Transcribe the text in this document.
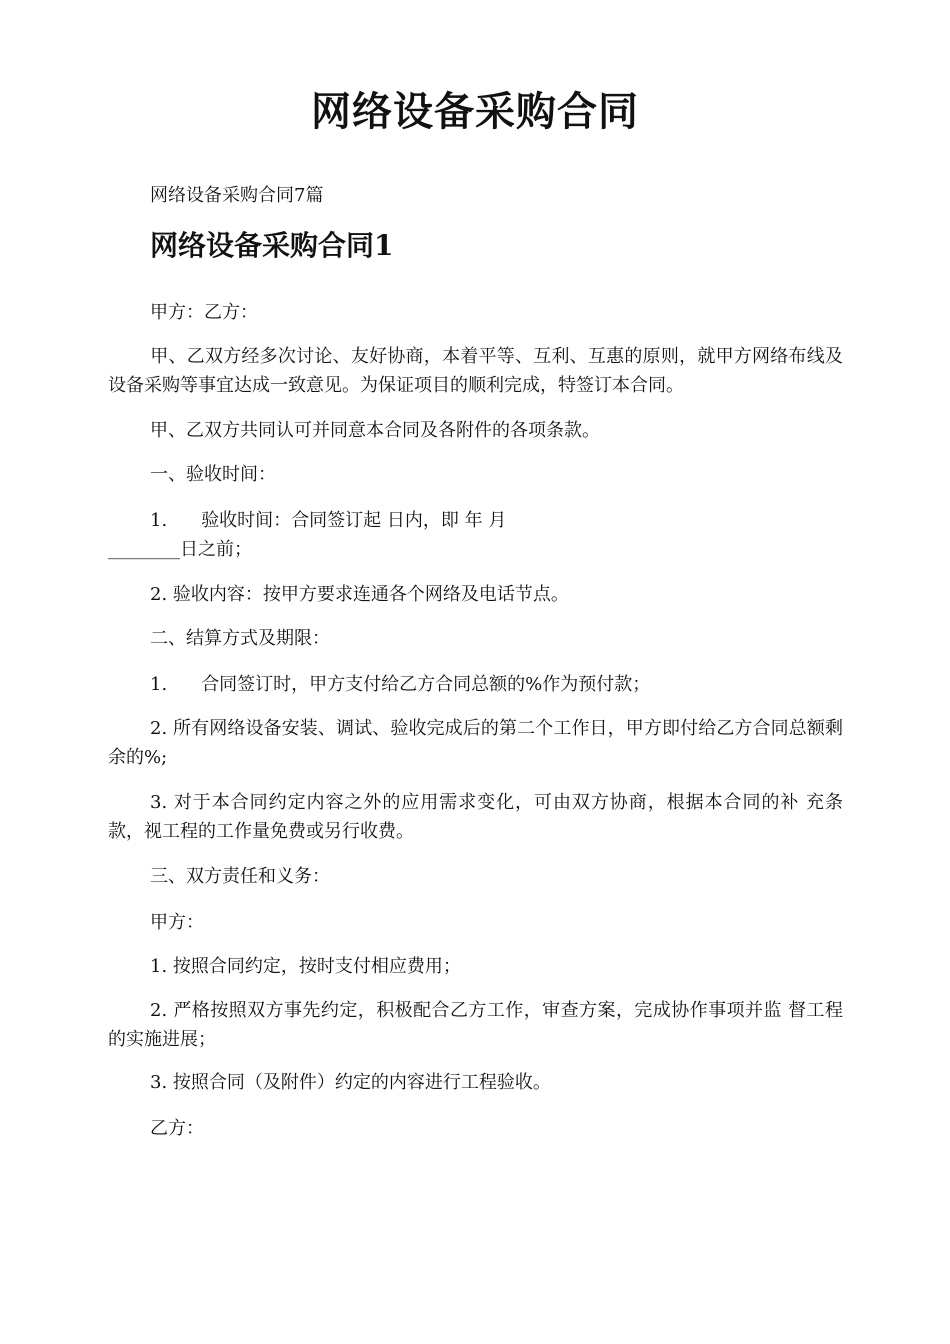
网络设备采购合同
网络设备采购合同7篇
网络设备采购合同1

甲方：乙方：

甲、乙双方经多次讨论、友好协商，本着平等、互利、互惠的原则，就甲方网络布线及设备采购等事宜达成一致意见。为保证项目的顺利完成，特签订本合同。

甲、乙双方共同认可并同意本合同及各附件的各项条款。

一、验收时间：

1. 验收时间：合同签订起 日内，即 年 月
________日之前；

2. 验收内容：按甲方要求连通各个网络及电话节点。

二、结算方式及期限：

1. 合同签订时，甲方支付给乙方合同总额的%作为预付款；

2. 所有网络设备安装、调试、验收完成后的第二个工作日，甲方即付给乙方合同总额剩余的%;

3. 对于本合同约定内容之外的应用需求变化，可由双方协商，根据本合同的补 充条款，视工程的工作量免费或另行收费。

三、双方责任和义务：

甲方：

1. 按照合同约定，按时支付相应费用；

2. 严格按照双方事先约定，积极配合乙方工作，审查方案，完成协作事项并监 督工程的实施进展；

3. 按照合同（及附件）约定的内容进行工程验收。

乙方：
